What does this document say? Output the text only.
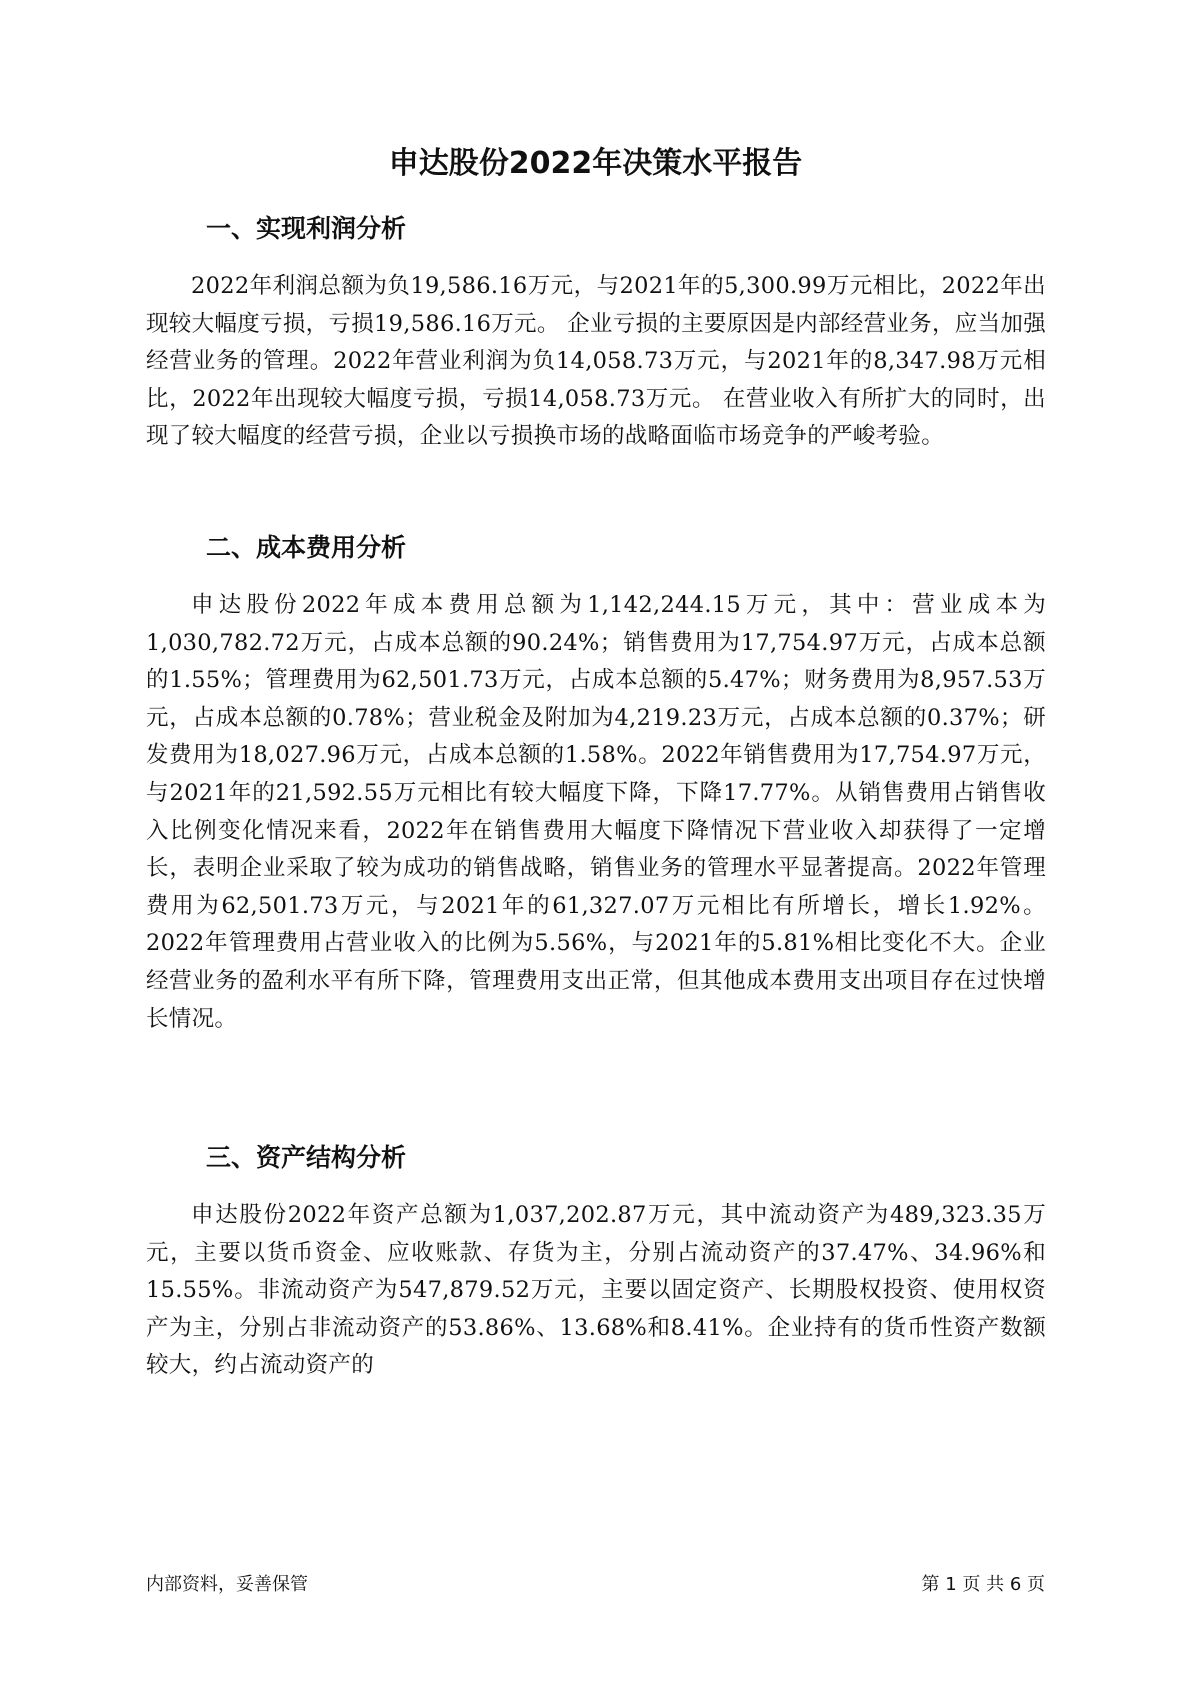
申达股份2022年决策水平报告
一、实现利润分析
2022年利润总额为负19,586.16万元，与2021年的5,300.99万元相比，2022年出现较大幅度亏损，亏损19,586.16万元。 企业亏损的主要原因是内部经营业务，应当加强经营业务的管理。2022年营业利润为负14,058.73万元，与2021年的8,347.98万元相比，2022年出现较大幅度亏损，亏损14,058.73万元。 在营业收入有所扩大的同时，出现了较大幅度的经营亏损，企业以亏损换市场的战略面临市场竞争的严峻考验。
二、成本费用分析
申达股份2022年成本费用总额为1,142,244.15万元，其中：营业成本为1,030,782.72万元，占成本总额的90.24%；销售费用为17,754.97万元，占成本总额的1.55%；管理费用为62,501.73万元，占成本总额的5.47%；财务费用为8,957.53万元，占成本总额的0.78%；营业税金及附加为4,219.23万元，占成本总额的0.37%；研发费用为18,027.96万元，占成本总额的1.58%。2022年销售费用为17,754.97万元，与2021年的21,592.55万元相比有较大幅度下降，下降17.77%。从销售费用占销售收入比例变化情况来看，2022年在销售费用大幅度下降情况下营业收入却获得了一定增长，表明企业采取了较为成功的销售战略，销售业务的管理水平显著提高。2022年管理费用为62,501.73万元，与2021年的61,327.07万元相比有所增长，增长1.92%。2022年管理费用占营业收入的比例为5.56%，与2021年的5.81%相比变化不大。企业经营业务的盈利水平有所下降，管理费用支出正常，但其他成本费用支出项目存在过快增长情况。
三、资产结构分析
申达股份2022年资产总额为1,037,202.87万元，其中流动资产为489,323.35万元，主要以货币资金、应收账款、存货为主，分别占流动资产的37.47%、34.96%和15.55%。非流动资产为547,879.52万元，主要以固定资产、长期股权投资、使用权资产为主，分别占非流动资产的53.86%、13.68%和8.41%。企业持有的货币性资产数额较大，约占流动资产的
内部资料，妥善保管	第 1 页 共 6 页
